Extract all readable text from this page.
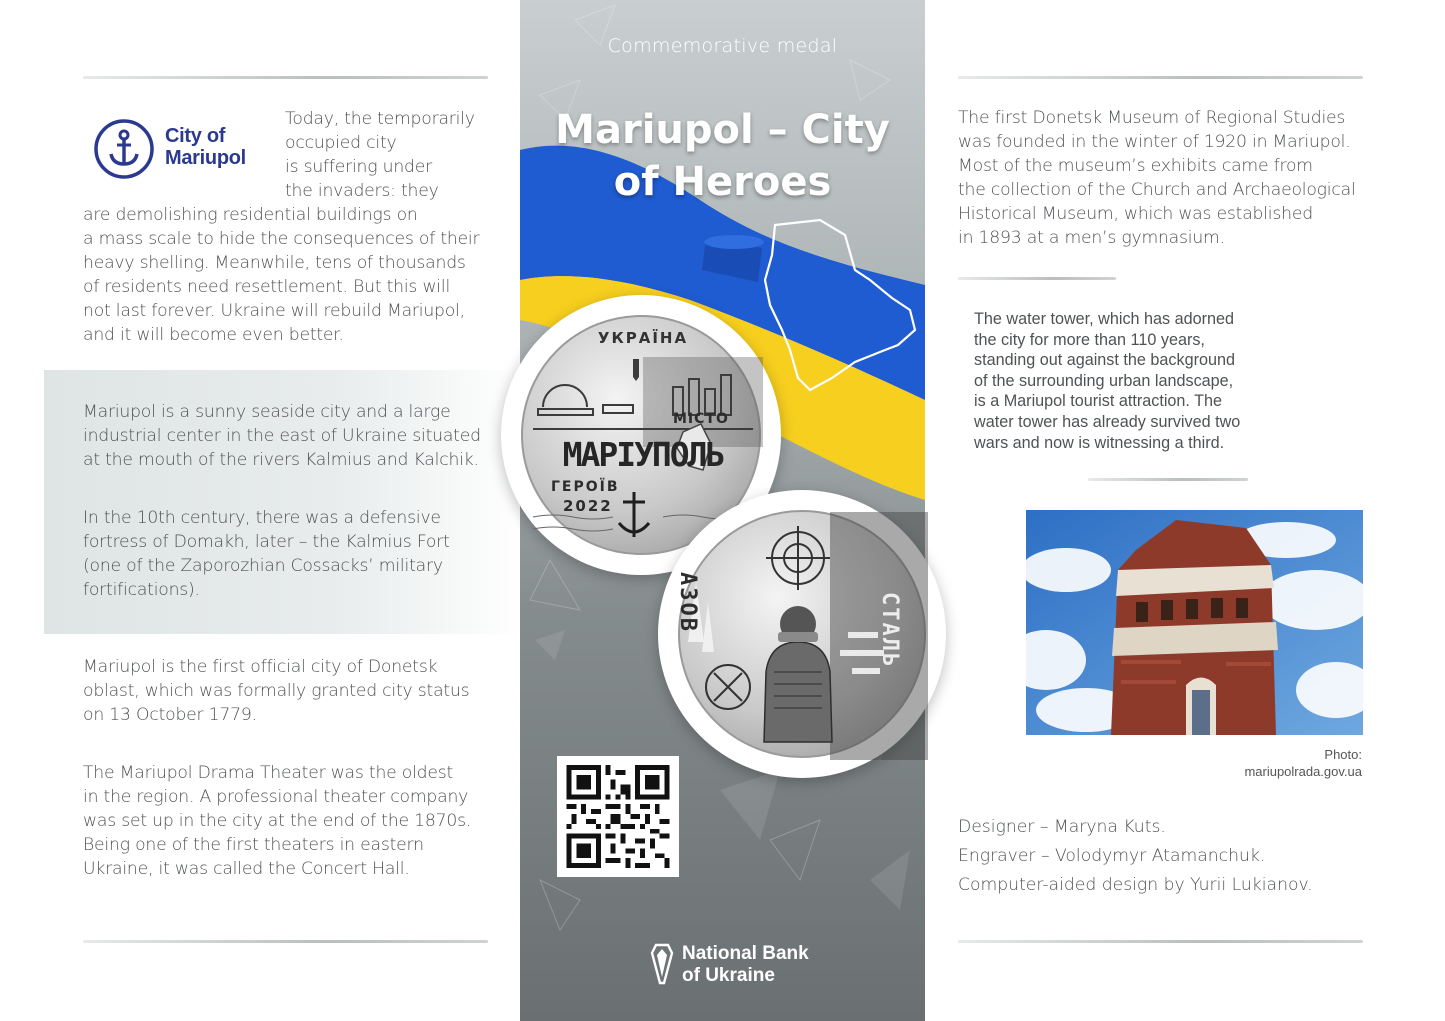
City of
Mariupol
Today, the temporarily
occupied city
is suffering under
the invaders: they
are demolishing residential buildings on
a mass scale to hide the consequences of their
heavy shelling. Meanwhile, tens of thousands
of residents need resettlement. But this will
not last forever. Ukraine will rebuild Mariupol,
and it will become even better.
Mariupol is a sunny seaside city and a large
industrial center in the east of Ukraine situated
at the mouth of the rivers Kalmius and Kalchik.
In the 10th century, there was a defensive
fortress of Domakh, later – the Kalmius Fort
(one of the Zaporozhian Cossacks’ military
fortifications).
Mariupol is the first official city of Donetsk
oblast, which was formally granted city status
on 13 October 1779.
The Mariupol Drama Theater was the oldest
in the region. A professional theater company
was set up in the city at the end of the 1870s.
Being one of the first theaters in eastern
Ukraine, it was called the Concert Hall.
Commemorative medal
Mariupol – City
of Heroes
National Bank
of Ukraine
УКРАЇНА
МІСТО
МАРІУПОЛЬ
ГЕРОЇВ
2022
АЗОВ	СТАЛЬ
The first Donetsk Museum of Regional Studies
was founded in the winter of 1920 in Mariupol.
Most of the museum’s exhibits came from
the collection of the Church and Archaeological
Historical Museum, which was established
in 1893 at a men’s gymnasium.
The water tower, which has adorned
the city for more than 110 years,
standing out against the background
of the surrounding urban landscape,
is a Mariupol tourist attraction. The
water tower has already survived two
wars and now is witnessing a third.
Photo:
mariupolrada.gov.ua
Designer – Maryna Kuts.
Engraver – Volodymyr Atamanchuk.
Computer-aided design by Yurii Lukianov.
